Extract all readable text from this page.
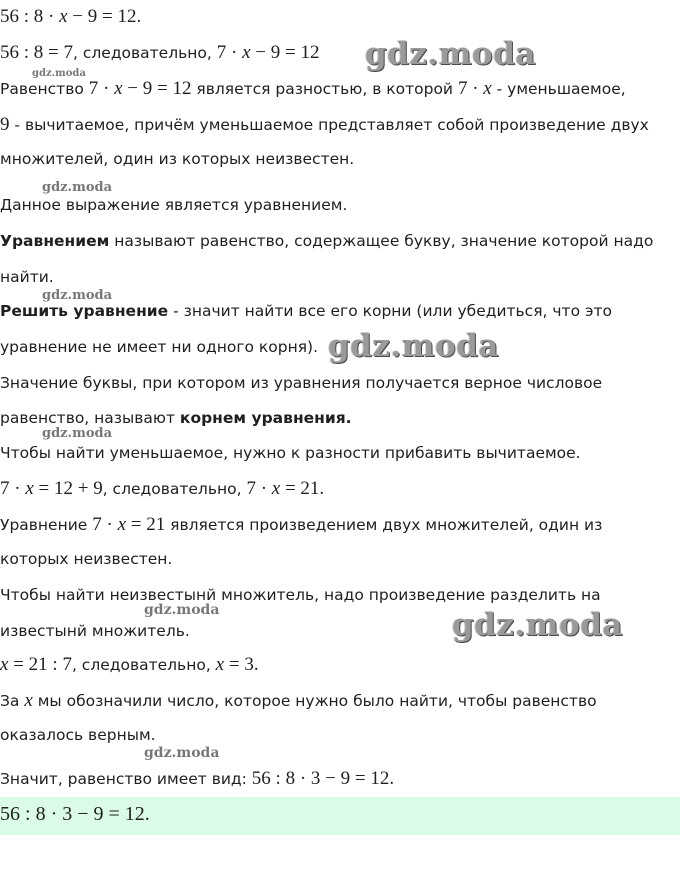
56 : 8 · x − 9 = 12.
56 : 8 = 7, следовательно, 7 · x − 9 = 12
Равенство 7 · x − 9 = 12 является разностью, в которой 7 · x - уменьшаемое,
9 - вычитаемое, причём уменьшаемое представляет собой произведение двух
множителей, один из которых неизвестен.
Данное выражение является уравнением.
Уравнением называют равенство, содержащее букву, значение которой надо
найти.
Решить уравнение - значит найти все его корни (или убедиться, что это
уравнение не имеет ни одного корня).
Значение буквы, при котором из уравнения получается верное числовое
равенство, называют корнем уравнения.
Чтобы найти уменьшаемое, нужно к разности прибавить вычитаемое.
7 · x = 12 + 9, следовательно, 7 · x = 21.
Уравнение 7 · x = 21 является произведением двух множителей, один из
которых неизвестен.
Чтобы найти неизвестынй множитель, надо произведение разделить на
известынй множитель.
x = 21 : 7, следовательно, x = 3.
За x мы обозначили число, которое нужно было найти, чтобы равенство
оказалось верным.
Значит, равенство имеет вид: 56 : 8 · 3 − 9 = 12.
56 : 8 · 3 − 9 = 12.
gdz.moda
gdz.moda
gdz.moda
gdz.moda
gdz.moda
gdz.moda
gdz.moda
gdz.moda
gdz.moda
